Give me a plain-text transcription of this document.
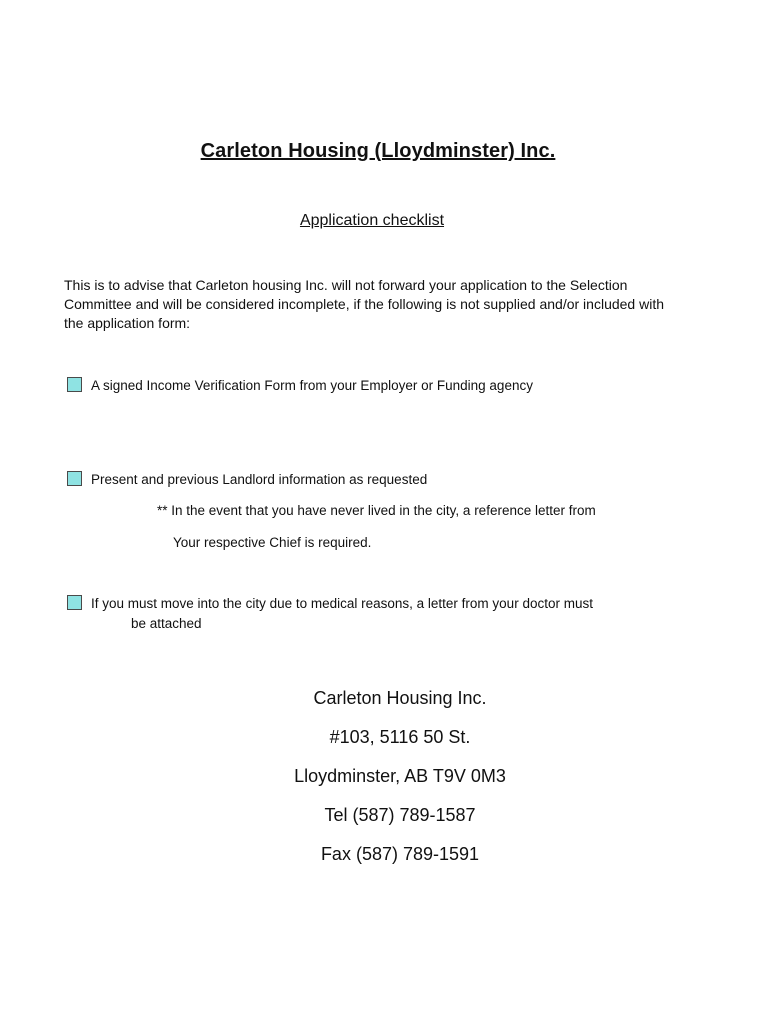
Carleton Housing (Lloydminster) Inc.
Application checklist
This is to advise that Carleton housing Inc. will not forward your application to the Selection Committee and will be considered incomplete, if the following is not supplied and/or included with the application form:
A signed Income Verification Form from your Employer or Funding agency
Present and previous Landlord information as requested
** In the event that you have never lived in the city, a reference letter from
Your respective Chief is required.
If you must move into the city due to medical reasons, a letter from your doctor must
be attached
Carleton Housing Inc.
#103, 5116 50 St.
Lloydminster, AB T9V 0M3
Tel (587) 789-1587
Fax (587) 789-1591
